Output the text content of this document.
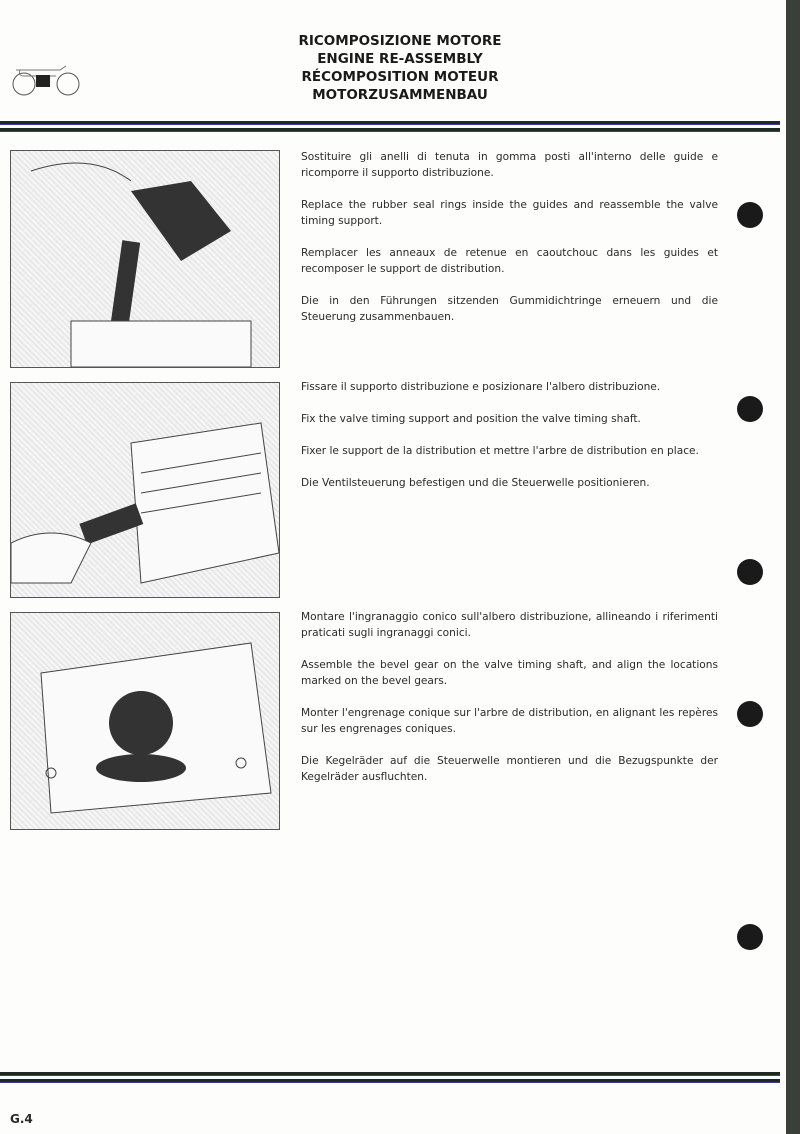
RICOMPOSIZIONE MOTORE
ENGINE RE-ASSEMBLY
RÉCOMPOSITION MOTEUR
MOTORZUSAMMENBAU

Sostituire gli anelli di tenuta in gomma posti all'interno delle guide e ricomporre il supporto distribuzione.

Replace the rubber seal rings inside the guides and reassemble the valve timing support.

Remplacer les anneaux de retenue en caoutchouc dans les guides et recomposer le support de distribution.

Die in den Führungen sitzenden Gummidichtringe erneuern und die Steuerung zusammenbauen.

Fissare il supporto distribuzione e posizionare l'albero distribuzione.

Fix the valve timing support and position the valve timing shaft.

Fixer le support de la distribution et mettre l'arbre de distribution en place.

Die Ventilsteuerung befestigen und die Steuerwelle positionieren.

Montare l'ingranaggio conico sull'albero distribuzione, allineando i riferimenti praticati sugli ingranaggi conici.

Assemble the bevel gear on the valve timing shaft, and align the locations marked on the bevel gears.

Monter l'engrenage conique sur l'arbre de distribution, en alignant les repères sur les engrenages coniques.

Die Kegelräder auf die Steuerwelle montieren und die Bezugspunkte der Kegelräder ausfluchten.

G.4
